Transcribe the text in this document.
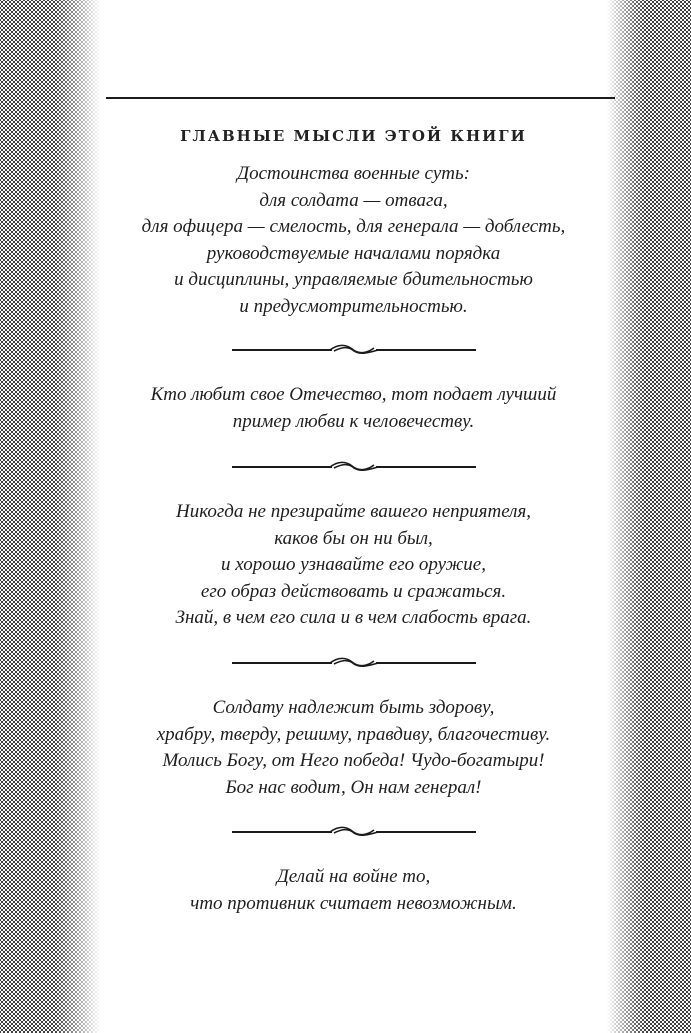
ГЛАВНЫЕ МЫСЛИ ЭТОЙ КНИГИ
Достоинства военные суть:
для солдата — отвага,
для офицера — смелость, для генерала — доблесть,
руководствуемые началами порядка
и дисциплины, управляемые бдительностью
и предусмотрительностью.
Кто любит свое Отечество, тот подает лучший
пример любви к человечеству.
Никогда не презирайте вашего неприятеля,
каков бы он ни был,
и хорошо узнавайте его оружие,
его образ действовать и сражаться.
Знай, в чем его сила и в чем слабость врага.
Солдату надлежит быть здорову,
храбру, тверду, решиму, правдиву, благочестиву.
Молись Богу, от Него победа! Чудо-богатыри!
Бог нас водит, Он нам генерал!
Делай на войне то,
что противник считает невозможным.
